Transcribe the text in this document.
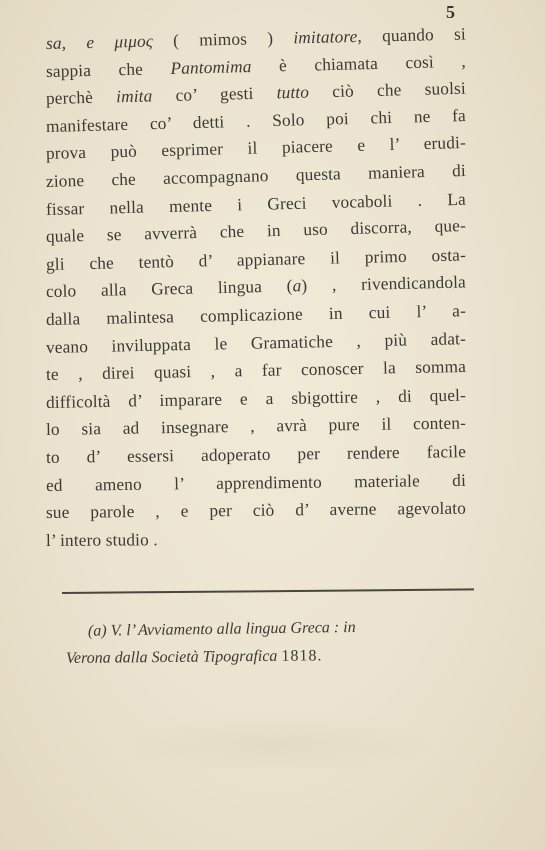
5
sa, e μιμος ( mimos ) imitatore, quando si
sappia che Pantomima è chiamata così ,
perchè imita co’ gesti tutto ciò che suolsi
manifestare co’ detti . Solo poi chi ne fa
prova può esprimer il piacere e l’ erudi-
zione che accompagnano questa maniera di
fissar nella mente i Greci vocaboli . La
quale se avverrà che in uso discorra, que-
gli che tentò d’ appianare il primo osta-
colo alla Greca lingua (a) , rivendicandola
dalla malintesa complicazione in cui l’ a-
veano inviluppata le Gramatiche , più adat-
te , direi quasi , a far conoscer la somma
difficoltà d’ imparare e a sbigottire , di quel-
lo sia ad insegnare , avrà pure il conten-
to d’ essersi adoperato per rendere facile
ed ameno l’ apprendimento materiale di
sue parole , e per ciò d’ averne agevolato
l’ intero studio .
(a) V. l’ Avviamento alla lingua Greca : in
Verona dalla Società Tipografica 1818.
